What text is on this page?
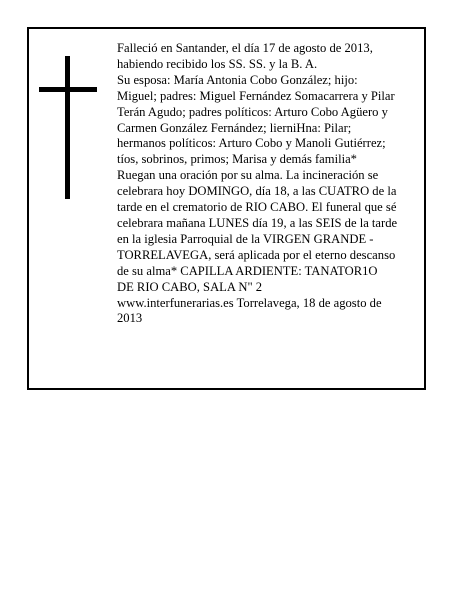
Falleció en Santander, el día 17 de agosto de 2013,
habiendo recibido los SS. SS. y la B. A.
Su esposa: María Antonia Cobo González; hijo:
Miguel; padres: Miguel Fernández Somacarrera y Pilar
Terán Agudo; padres políticos: Arturo Cobo Agüero y
Carmen González Fernández; lierniHna: Pilar;
hermanos políticos: Arturo Cobo y Manoli Gutiérrez;
tíos, sobrinos, primos; Marisa y demás familia*
Ruegan una oración por su alma. La incineración se
celebrara hoy DOMINGO, día 18, a las CUATRO de la
tarde en el crematorio de RIO CABO. El funeral que sé
celebrara mañana LUNES día 19, a las SEIS de la tarde
en la iglesia Parroquial de la VIRGEN GRANDE -
TORRELAVEGA, será aplicada por el eterno descanso
de su alma* CAPILLA ARDIENTE: TANATOR1O
DE RIO CABO, SALA N" 2
www.interfunerarias.es Torrelavega, 18 de agosto de
2013
